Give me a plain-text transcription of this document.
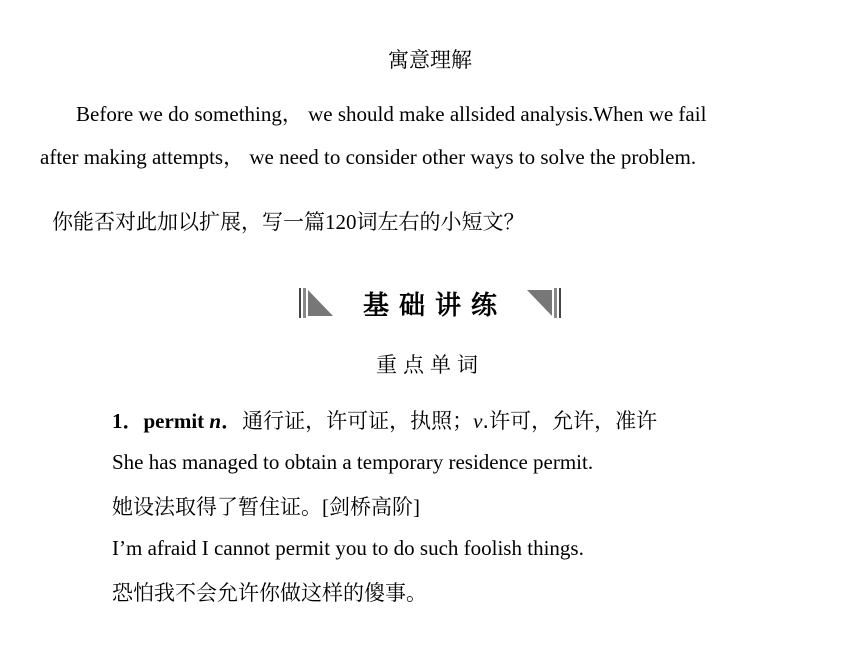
寓意理解
Before we do something， we should make allsided analysis.When we fail
after making attempts， we need to consider other ways to solve the problem.
你能否对此加以扩展，写一篇120词左右的小短文？
基础讲练
重点单词
1．permit n．通行证，许可证，执照；v.许可，允许，准许
She has managed to obtain a temporary residence permit.
她设法取得了暂住证。[剑桥高阶]
I’m afraid I cannot permit you to do such foolish things.
恐怕我不会允许你做这样的傻事。
